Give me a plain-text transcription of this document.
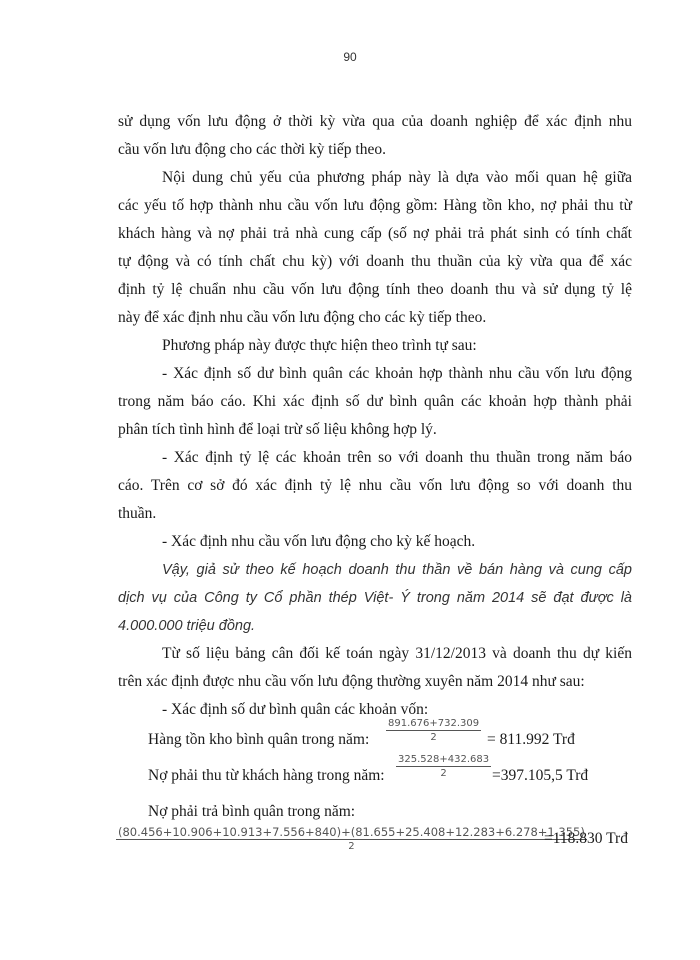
90
sử dụng vốn lưu động ở thời kỳ vừa qua của doanh nghiệp để xác định nhu
cầu vốn lưu động cho các thời kỳ tiếp theo.
Nội dung chủ yếu của phương pháp này là dựa vào mối quan hệ giữa
các yếu tố hợp thành nhu cầu vốn lưu động gồm: Hàng tồn kho, nợ phải thu từ
khách hàng và nợ phải trả nhà cung cấp (số nợ phải trả phát sinh có tính chất
tự động và có tính chất chu kỳ) với doanh thu thuần của kỳ vừa qua để xác
định tỷ lệ chuẩn nhu cầu vốn lưu động tính theo doanh thu và sử dụng tỷ lệ
này để xác định nhu cầu vốn lưu động cho các kỳ tiếp theo.
Phương pháp này được thực hiện theo trình tự sau:
- Xác định số dư bình quân các khoản hợp thành nhu cầu vốn lưu động
trong năm báo cáo. Khi xác định số dư bình quân các khoản hợp thành phải
phân tích tình hình để loại trừ số liệu không hợp lý.
- Xác định tỷ lệ các khoản trên so với doanh thu thuần trong năm báo
cáo. Trên cơ sở đó xác định tỷ lệ nhu cầu vốn lưu động so với doanh thu
thuần.
- Xác định nhu cầu vốn lưu động cho kỳ kế hoạch.
Vậy, giả sử theo kế hoạch doanh thu thần về bán hàng và cung cấp
dịch vụ của Công ty Cổ phần thép Việt- Ý trong năm 2014 sẽ đạt được là
4.000.000 triệu đồng.
Từ số liệu bảng cân đối kế toán ngày 31/12/2013 và doanh thu dự kiến
trên xác định được nhu cầu vốn lưu động thường xuyên năm 2014 như sau:
- Xác định số dư bình quân các khoản vốn:
Hàng tồn kho bình quân trong năm: $\frac{891.676+732.309}{2} = 811.992$ Trđ
Nợ phải thu từ khách hàng trong năm: $\frac{325.528+432.683}{2} =397.105,5$ Trđ
Nợ phải trả bình quân trong năm:
(80.456+10.906+10.913+7.556+840)+(81.655+25.408+12.283+6.278+1.355)
2	=118.830 Trđ
